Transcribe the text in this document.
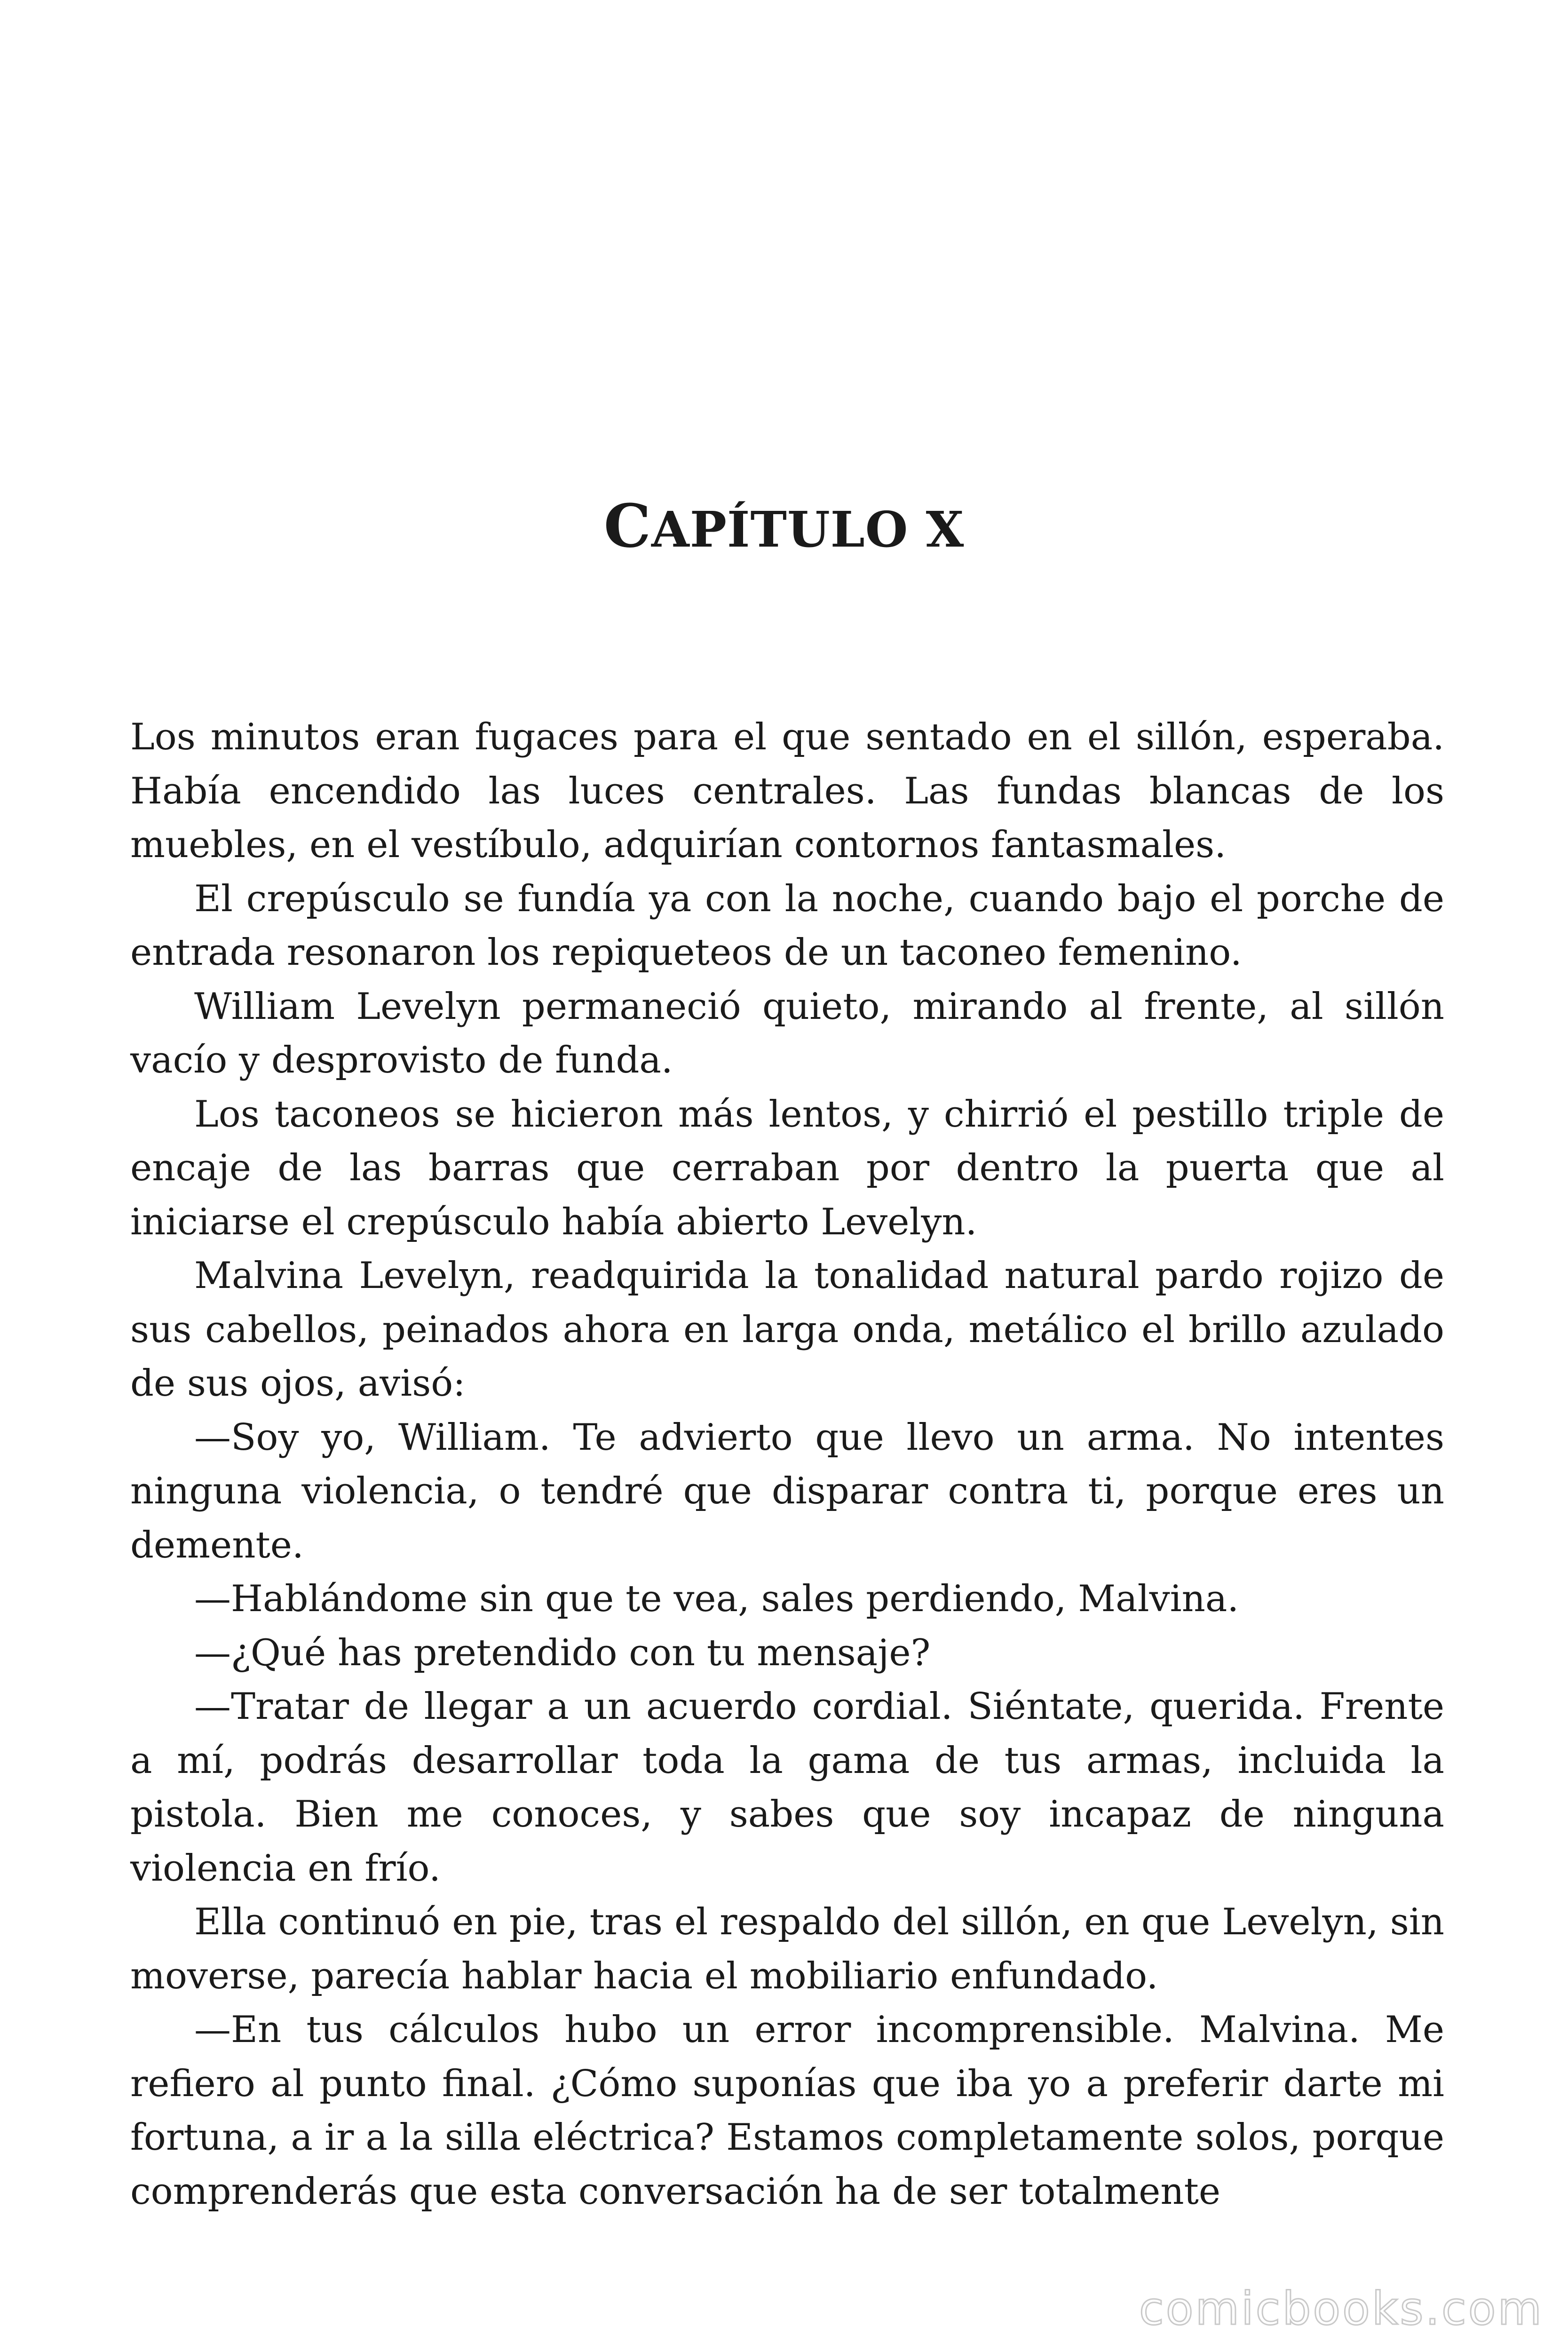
CAPÍTULO X

Los minutos eran fugaces para el que sentado en el sillón, esperaba. Había encendido las luces centrales. Las fundas blancas de los muebles, en el vestíbulo, adquirían contornos fantasmales.

El crepúsculo se fundía ya con la noche, cuando bajo el porche de entrada resonaron los repiqueteos de un taconeo femenino.

William Levelyn permaneció quieto, mirando al frente, al sillón vacío y desprovisto de funda.

Los taconeos se hicieron más lentos, y chirrió el pestillo triple de encaje de las barras que cerraban por dentro la puerta que al iniciarse el crepúsculo había abierto Levelyn.

Malvina Levelyn, readquirida la tonalidad natural pardo rojizo de sus cabellos, peinados ahora en larga onda, metálico el brillo azulado de sus ojos, avisó:

—Soy yo, William. Te advierto que llevo un arma. No intentes ninguna violencia, o tendré que disparar contra ti, porque eres un demente.

—Hablándome sin que te vea, sales perdiendo, Malvina.

—¿Qué has pretendido con tu mensaje?

—Tratar de llegar a un acuerdo cordial. Siéntate, querida. Frente a mí, podrás desarrollar toda la gama de tus armas, incluida la pistola. Bien me conoces, y sabes que soy incapaz de ninguna violencia en frío.

Ella continuó en pie, tras el respaldo del sillón, en que Levelyn, sin moverse, parecía hablar hacia el mobiliario enfundado.

—En tus cálculos hubo un error incomprensible. Malvina. Me refiero al punto final. ¿Cómo suponías que iba yo a preferir darte mi fortuna, a ir a la silla eléctrica? Estamos completamente solos, porque comprenderás que esta conversación ha de ser totalmente

comicbooks.com
